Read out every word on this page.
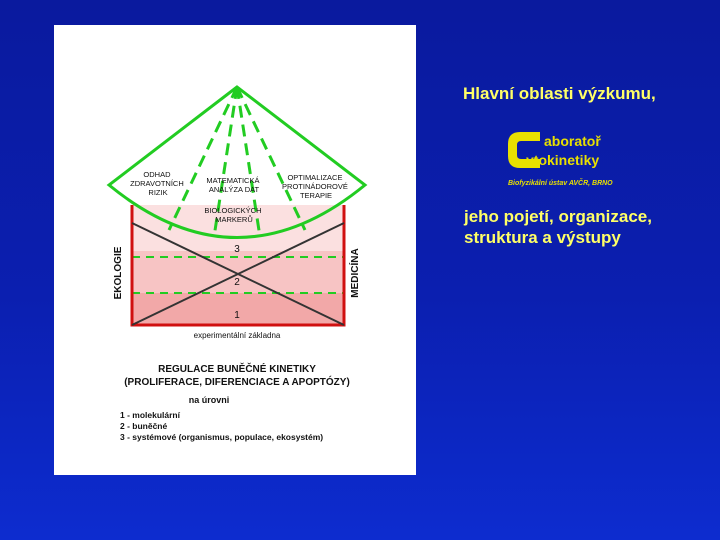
ODHAD ZDRAVOTNÍCH RIZIK
MATEMATICKÁ ANALÝZA DAT
OPTIMALIZACE PROTINÁDOROVÉ TERAPIE
BIOLOGICKÝCH MARKERŮ
3
2
1
EKOLOGIE	MEDICÍNA
experimentální základna
REGULACE BUNĚČNÉ KINETIKY
(PROLIFERACE, DIFERENCIACE A APOPTÓZY)
na úrovni
1 - molekulární
2 - buněčné
3 - systémové (organismus, populace, ekosystém)
Hlavní oblasti výzkumu,
aboratoř
ytokinetiky
Biofyzikální ústav AVČR, BRNO
jeho pojetí, organizace,
struktura a výstupy
